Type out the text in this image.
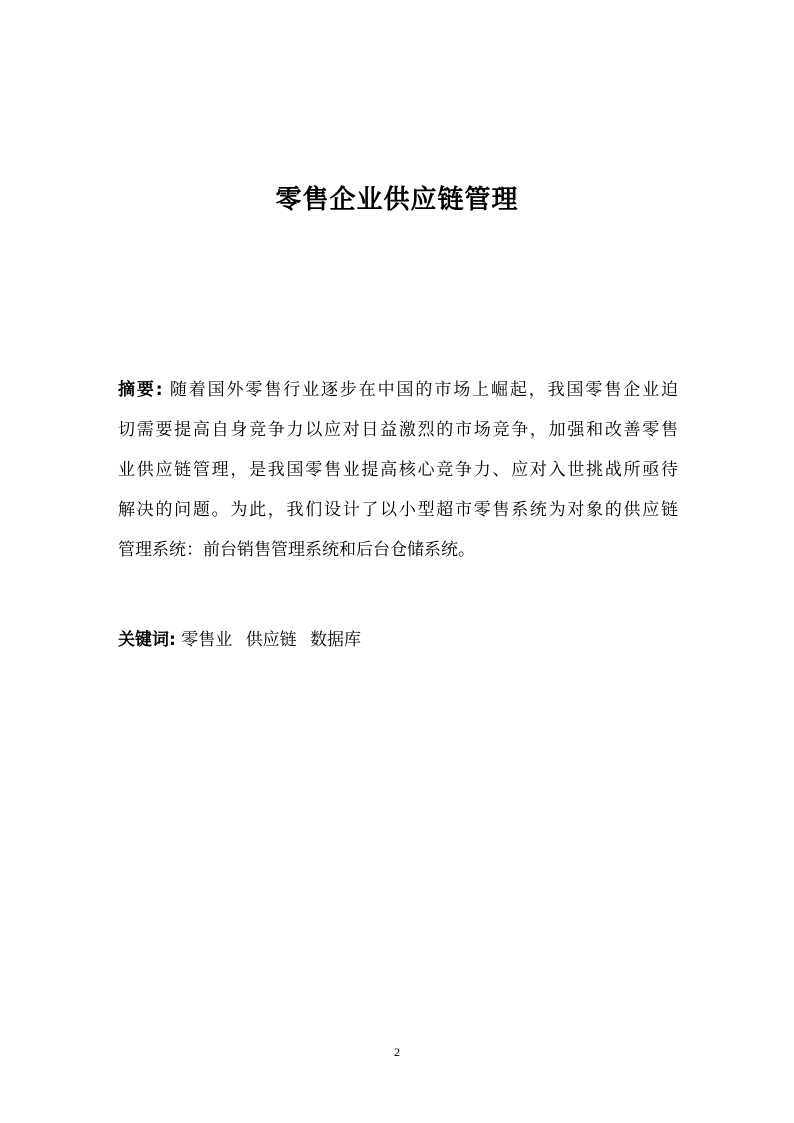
零售企业供应链管理
摘要: 随着国外零售行业逐步在中国的市场上崛起，我国零售企业迫
切需要提高自身竞争力以应对日益激烈的市场竞争，加强和改善零售
业供应链管理，是我国零售业提高核心竞争力、应对入世挑战所亟待
解决的问题。为此，我们设计了以小型超市零售系统为对象的供应链
管理系统：前台销售管理系统和后台仓储系统。
关键词: 零售业 供应链 数据库
2
